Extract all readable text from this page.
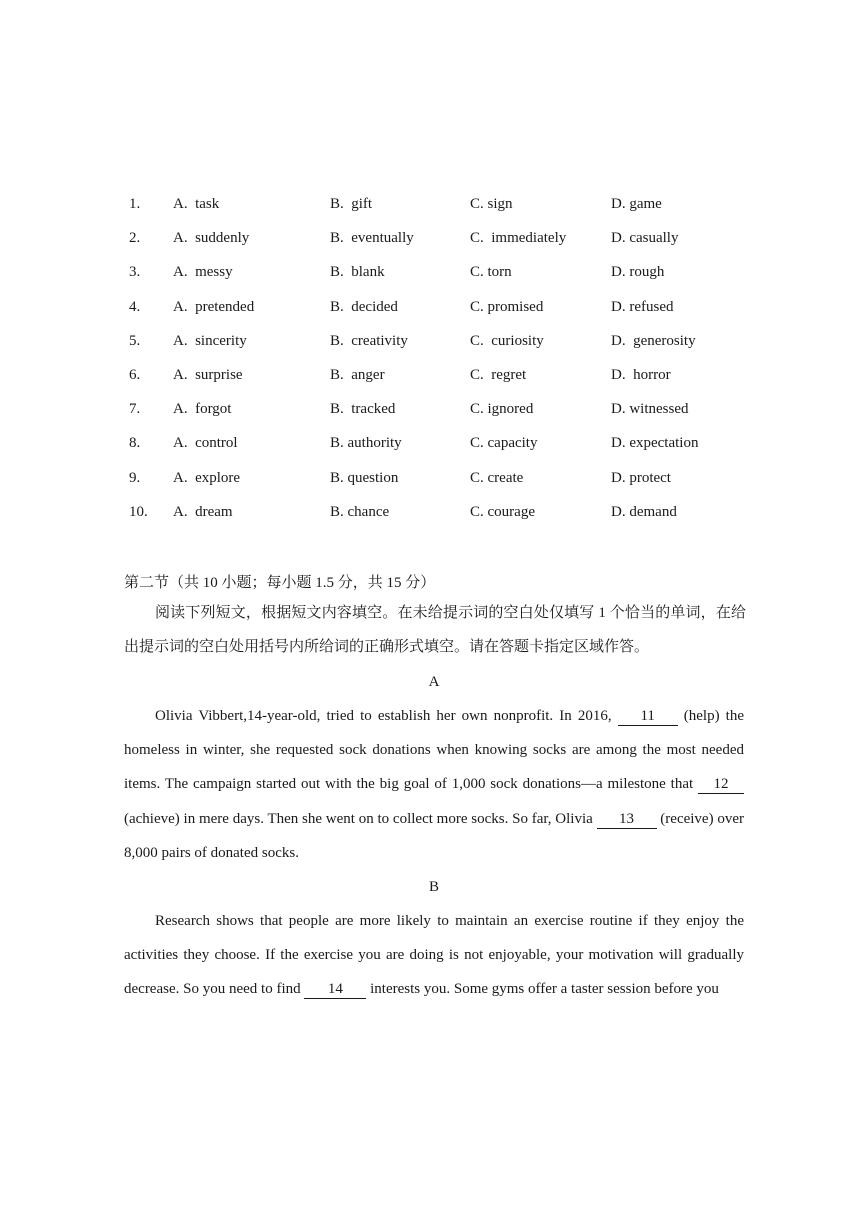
1. A.  task	B.  gift	C. sign	D. game
2. A.  suddenly	B.  eventually	C.  immediately	D. casually
3. A.  messy	B.  blank	C. torn	D. rough
4. A.  pretended	B.  decided	C. promised	D. refused
5. A.  sincerity	B.  creativity	C.  curiosity	D.  generosity
6. A.  surprise	B.  anger	C.  regret	D.  horror
7. A.  forgot	B.  tracked	C. ignored	D. witnessed
8. A.  control	B. authority	C. capacity	D. expectation
9. A.  explore	B. question	C. create	D. protect
10. A.  dream	B. chance	C. courage	D. demand
第二节（共 10 小题；每小题 1.5 分，共 15 分）
阅读下列短文，根据短文内容填空。在未给提示词的空白处仅填写 1 个恰当的单词，在给出提示词的空白处用括号内所给词的正确形式填空。请在答题卡指定区域作答。
A
Olivia Vibbert,14-year-old, tried to establish her own nonprofit. In 2016, 11 (help) the homeless in winter, she requested sock donations when knowing socks are among the most needed items. The campaign started out with the big goal of 1,000 sock donations—a milestone that 12 (achieve) in mere days. Then she went on to collect more socks. So far, Olivia 13 (receive) over 8,000 pairs of donated socks.
B
Research shows that people are more likely to maintain an exercise routine if they enjoy the activities they choose. If the exercise you are doing is not enjoyable, your motivation will gradually decrease. So you need to find 14 interests you. Some gyms offer a taster session before you
